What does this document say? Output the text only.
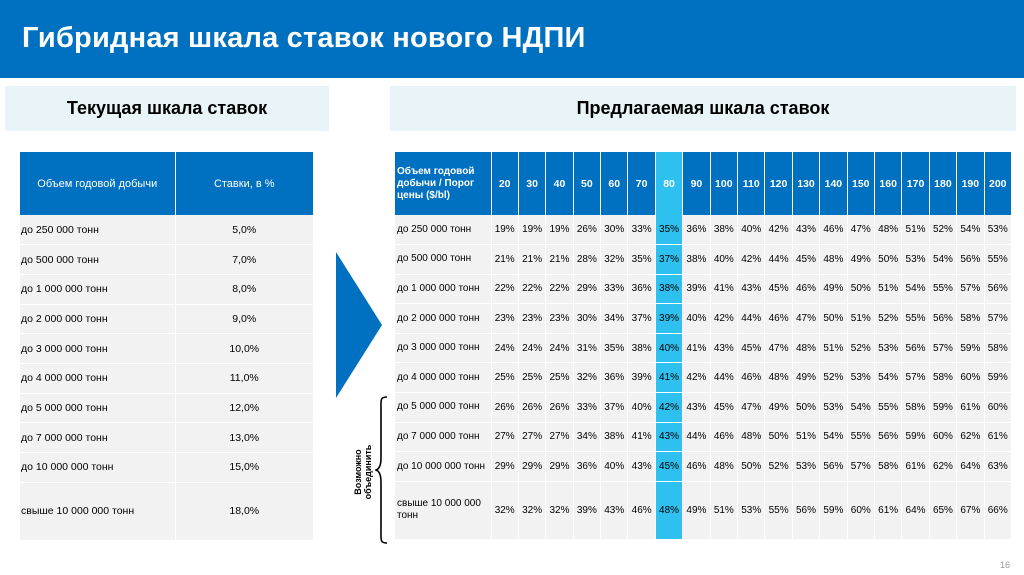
Гибридная шкала ставок нового НДПИ
Текущая шкала ставок	Предлагаемая шкала ставок
Объем годовой добычи	Ставки, в %
до 250 000 тонн	5,0%
до 500 000 тонн	7,0%
до 1 000 000 тонн	8,0%
до 2 000 000 тонн	9,0%
до 3 000 000 тонн	10,0%
до 4 000 000 тонн	11,0%
до 5 000 000 тонн	12,0%
до 7 000 000 тонн	13,0%
до 10 000 000 тонн	15,0%
свыше 10 000 000 тонн	18,0%
Возможно объединить
Объем годовой добычи / Порог цены ($/bl)	20	30	40	50	60	70	80	90	100	110	120	130	140	150	160	170	180	190	200
до 250 000 тонн	19%	19%	19%	26%	30%	33%	35%	36%	38%	40%	42%	43%	46%	47%	48%	51%	52%	54%	53%
до 500 000 тонн	21%	21%	21%	28%	32%	35%	37%	38%	40%	42%	44%	45%	48%	49%	50%	53%	54%	56%	55%
до 1 000 000 тонн	22%	22%	22%	29%	33%	36%	38%	39%	41%	43%	45%	46%	49%	50%	51%	54%	55%	57%	56%
до 2 000 000 тонн	23%	23%	23%	30%	34%	37%	39%	40%	42%	44%	46%	47%	50%	51%	52%	55%	56%	58%	57%
до 3 000 000 тонн	24%	24%	24%	31%	35%	38%	40%	41%	43%	45%	47%	48%	51%	52%	53%	56%	57%	59%	58%
до 4 000 000 тонн	25%	25%	25%	32%	36%	39%	41%	42%	44%	46%	48%	49%	52%	53%	54%	57%	58%	60%	59%
до 5 000 000 тонн	26%	26%	26%	33%	37%	40%	42%	43%	45%	47%	49%	50%	53%	54%	55%	58%	59%	61%	60%
до 7 000 000 тонн	27%	27%	27%	34%	38%	41%	43%	44%	46%	48%	50%	51%	54%	55%	56%	59%	60%	62%	61%
до 10 000 000 тонн	29%	29%	29%	36%	40%	43%	45%	46%	48%	50%	52%	53%	56%	57%	58%	61%	62%	64%	63%
свыше 10 000 000 тонн	32%	32%	32%	39%	43%	46%	48%	49%	51%	53%	55%	56%	59%	60%	61%	64%	65%	67%	66%
16
